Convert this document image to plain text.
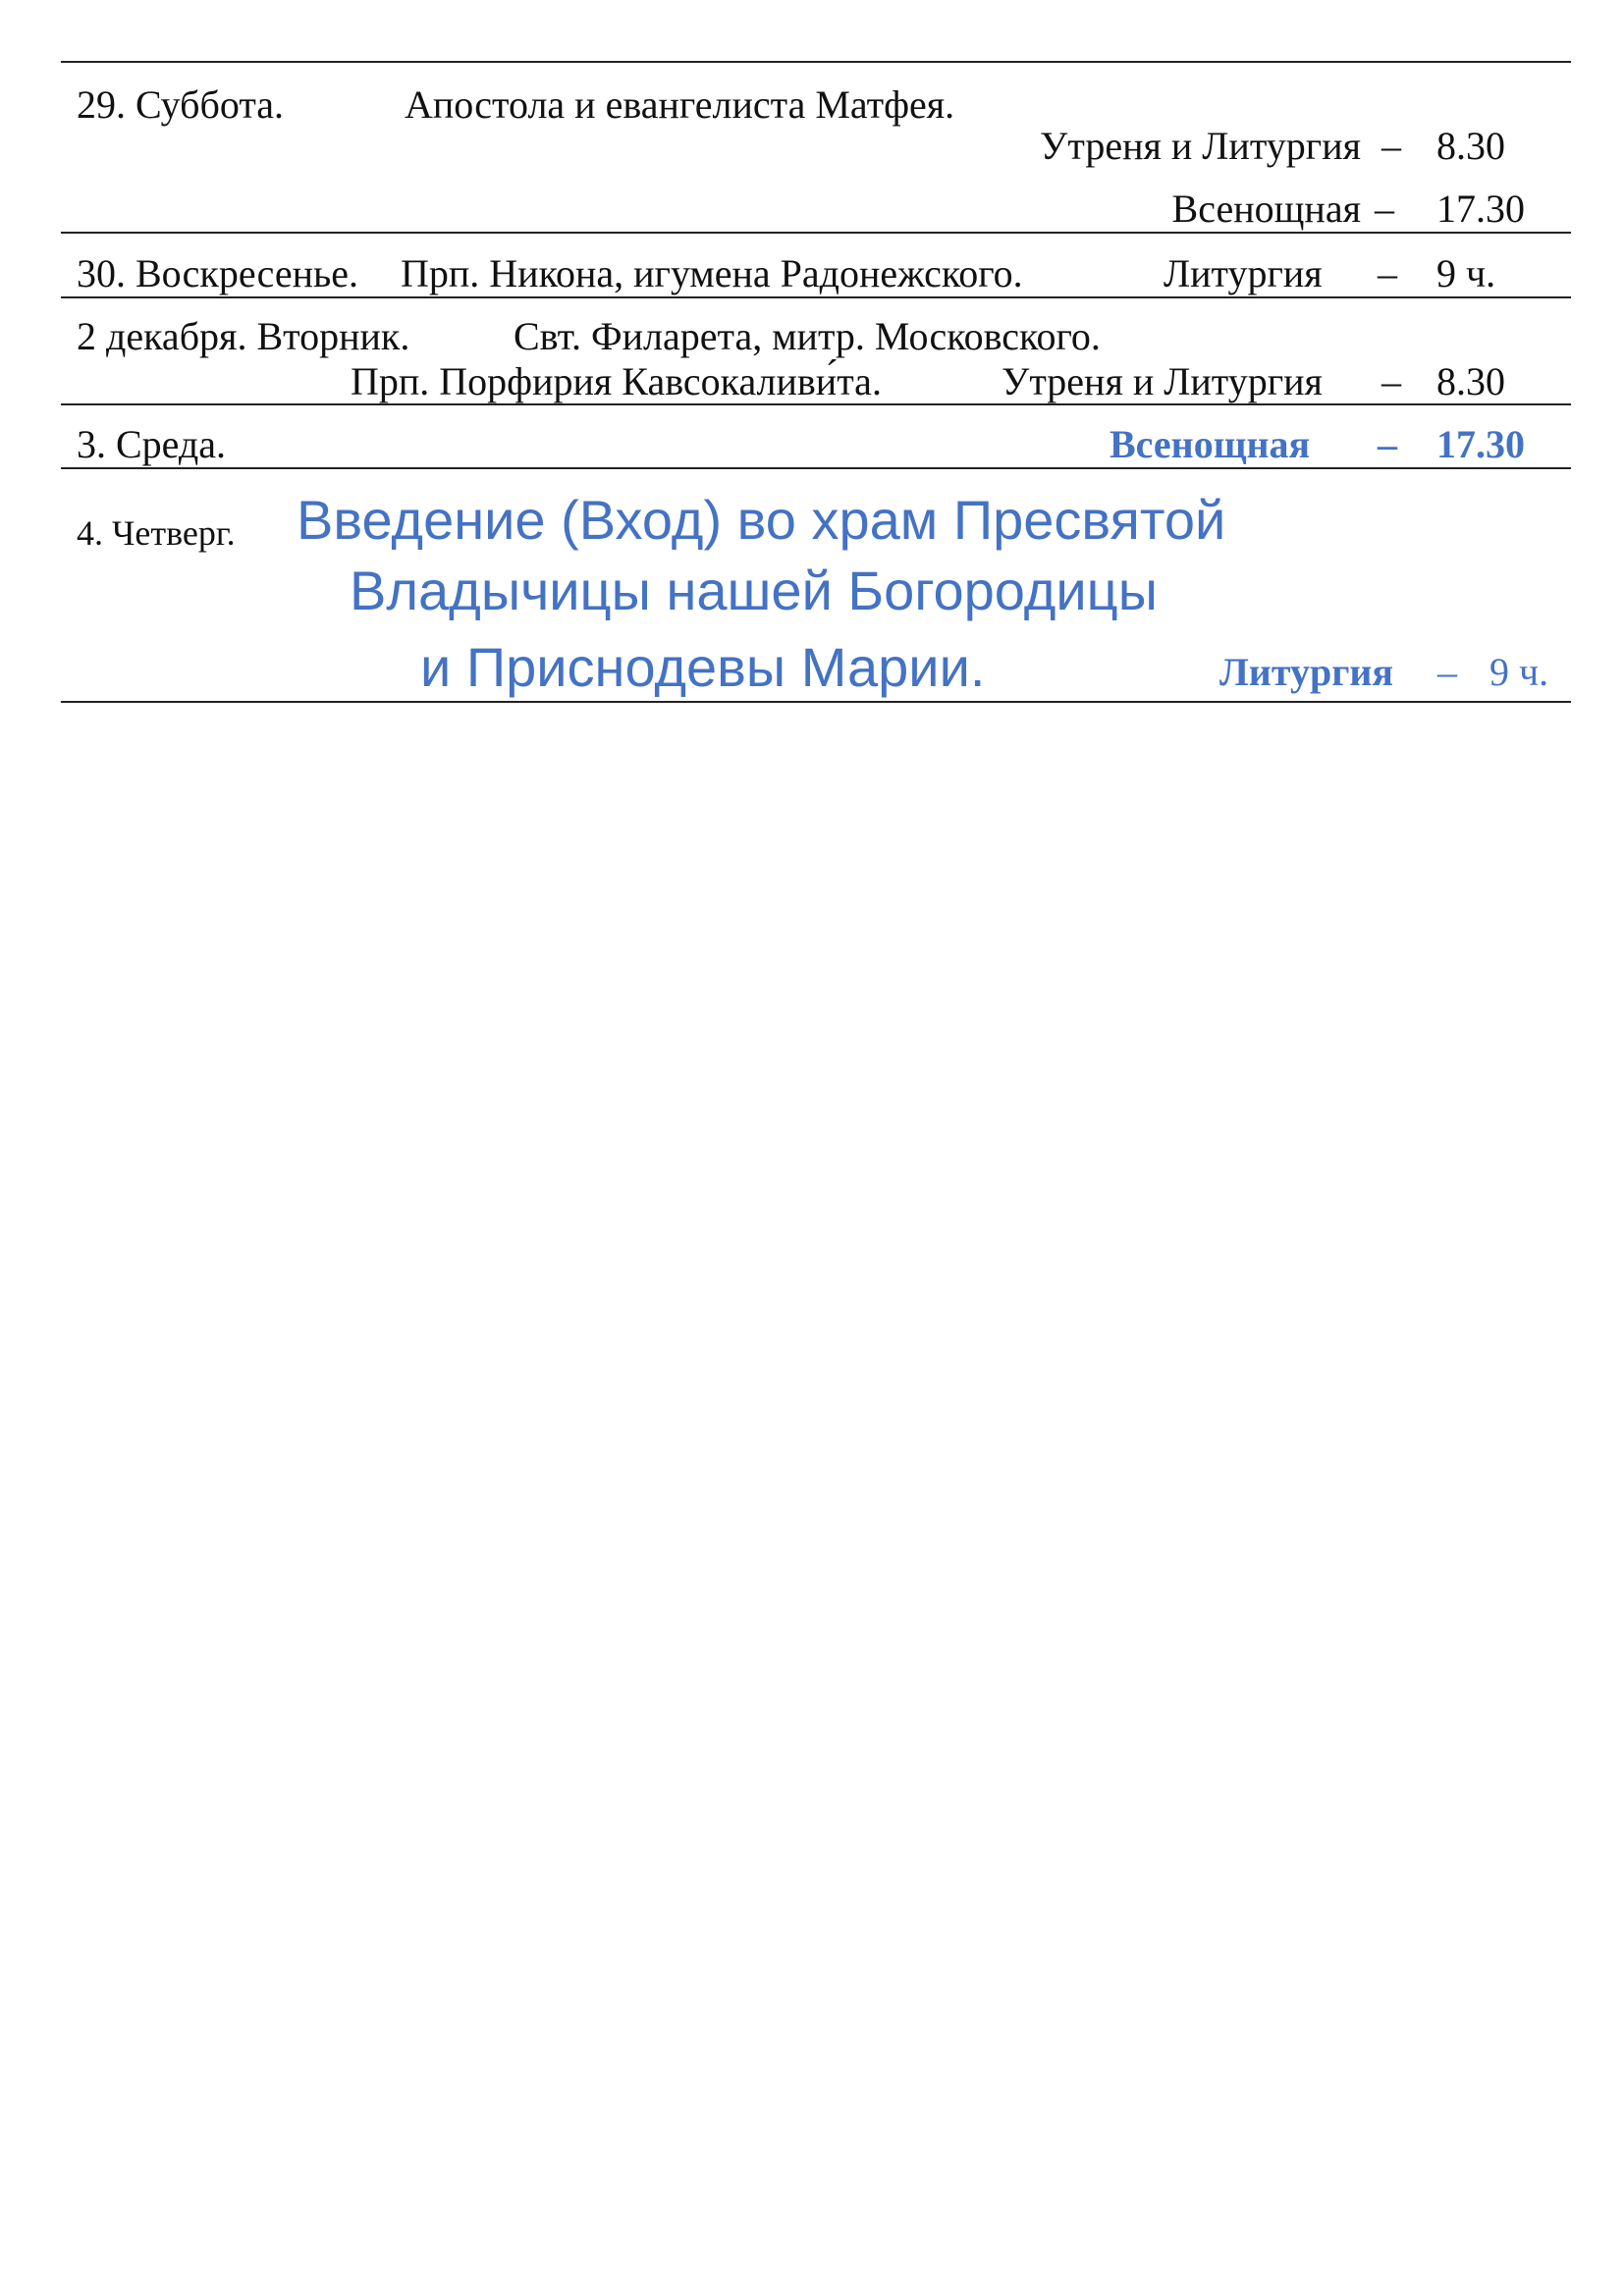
29. Суббота.	Апостола и евангелиста Матфея.
Утреня и Литургия – 8.30
Всенощная – 17.30
30. Воскресенье. Прп. Никона, игумена Радонежского.	Литургия – 9 ч.
2 декабря. Вторник.	Свт. Филарета, митр. Московского.
Прп. Порфирия Кавсокаливи́та.	Утреня и Литургия – 8.30
3. Среда.	Всенощная – 17.30
4. Четверг. Введение (Вход) во храм Пресвятой
Владычицы нашей Богородицы
и Приснодевы Марии.	Литургия – 9 ч.
